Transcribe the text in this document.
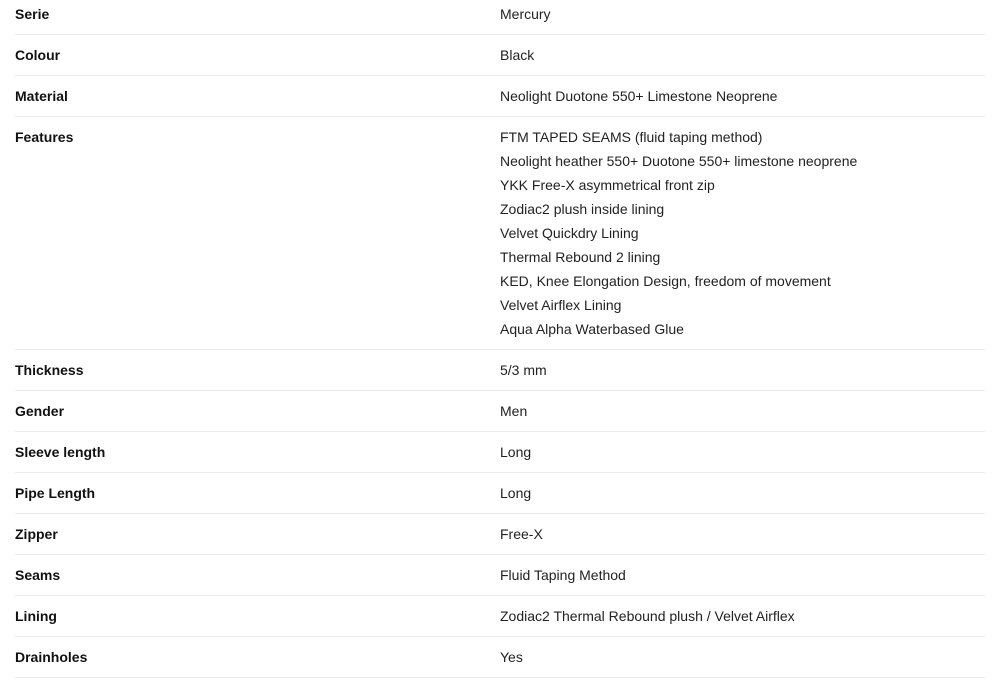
Serie	Mercury
Colour	Black
Material	Neolight Duotone 550+ Limestone Neoprene
Features	FTM TAPED SEAMS (fluid taping method)
Neolight heather 550+ Duotone 550+ limestone neoprene
YKK Free-X asymmetrical front zip
Zodiac2 plush inside lining
Velvet Quickdry Lining
Thermal Rebound 2 lining
KED, Knee Elongation Design, freedom of movement
Velvet Airflex Lining
Aqua Alpha Waterbased Glue
Thickness	5/3 mm
Gender	Men
Sleeve length	Long
Pipe Length	Long
Zipper	Free-X
Seams	Fluid Taping Method
Lining	Zodiac2 Thermal Rebound plush / Velvet Airflex
Drainholes	Yes
